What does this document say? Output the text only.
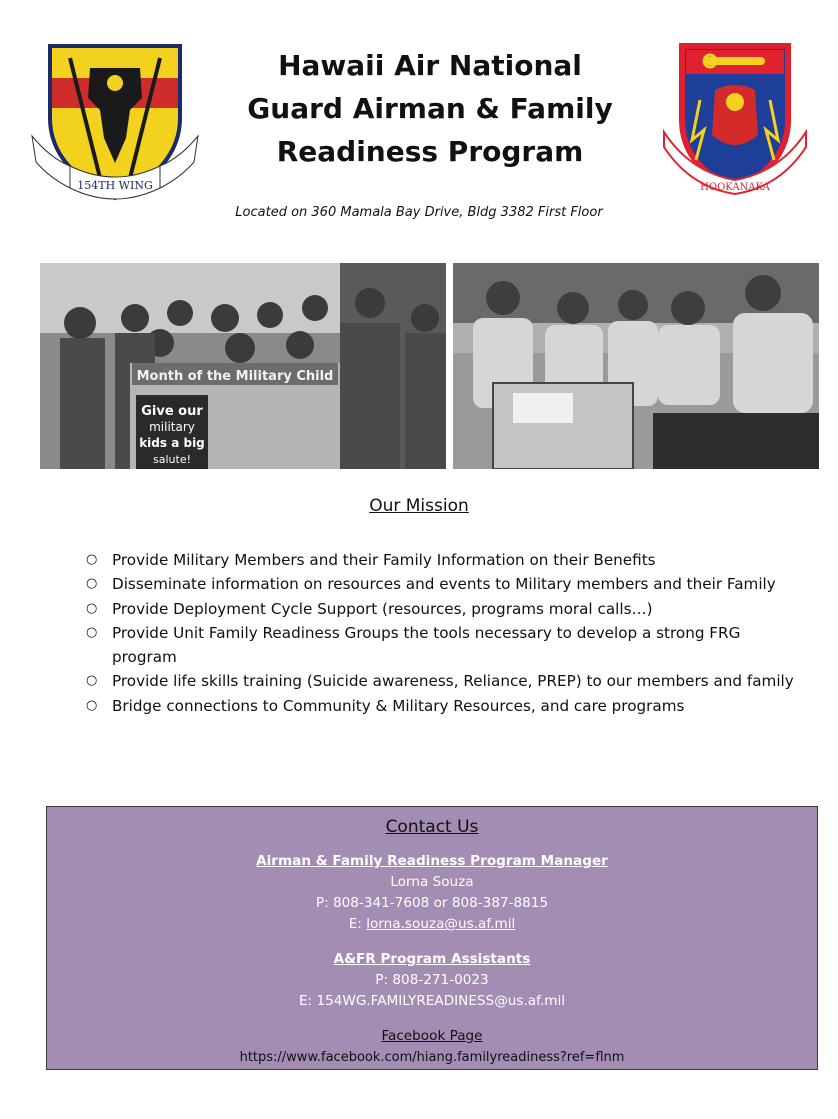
154TH WING
Hawaii Air National
Guard Airman & Family
Readiness Program
HOOKANAKA
Located on 360 Mamala Bay Drive, Bldg 3382 First Floor
Month of the Military Child
Give our
military
kids a big
salute!
Our Mission
○ Provide Military Members and their Family Information on their Benefits
○ Disseminate information on resources and events to Military members and their Family
○ Provide Deployment Cycle Support (resources, programs moral calls…)
○ Provide Unit Family Readiness Groups the tools necessary to develop a strong FRG program
○ Provide life skills training (Suicide awareness, Reliance, PREP) to our members and family
○ Bridge connections to Community & Military Resources, and care programs
Contact Us
Airman & Family Readiness Program Manager
Lorna Souza
P: 808-341-7608 or 808-387-8815
E: lorna.souza@us.af.mil
A&FR Program Assistants
P: 808-271-0023
E: 154WG.FAMILYREADINESS@us.af.mil
Facebook Page
https://www.facebook.com/hiang.familyreadiness?ref=flnm
